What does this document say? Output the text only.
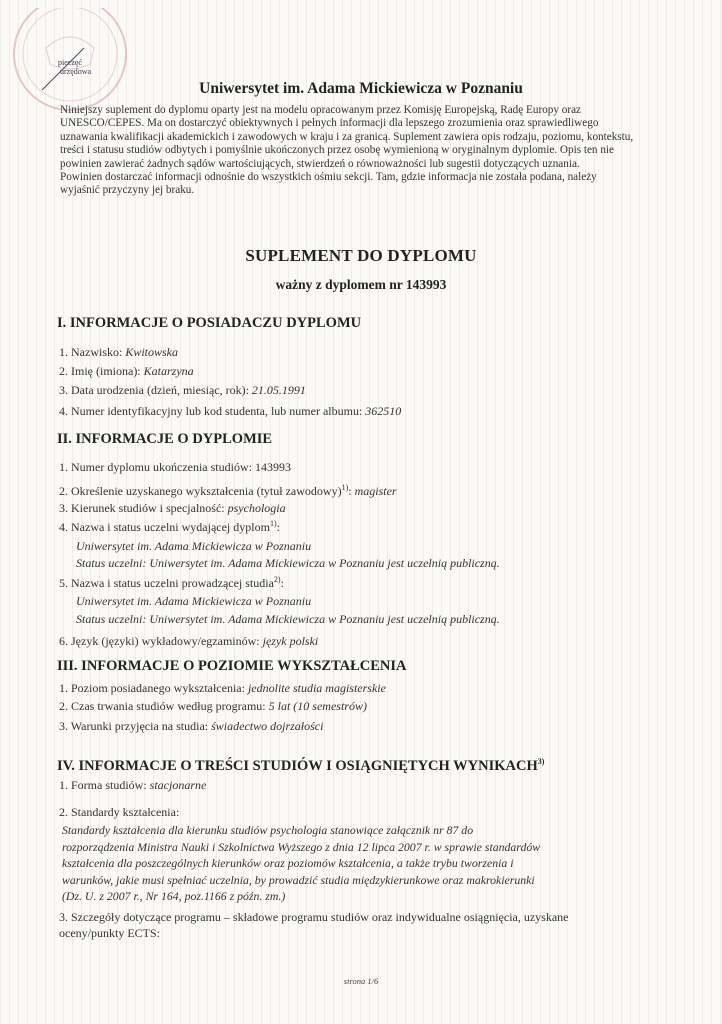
pieczęć
urzędowa
Uniwersytet im. Adama Mickiewicza w Poznaniu
Niniejszy suplement do dyplomu oparty jest na modelu opracowanym przez Komisję Europejską, Radę Europy oraz
UNESCO/CEPES. Ma on dostarczyć obiektywnych i pełnych informacji dla lepszego zrozumienia oraz sprawiedliwego
uznawania kwalifikacji akademickich i zawodowych w kraju i za granicą. Suplement zawiera opis rodzaju, poziomu, kontekstu,
treści i statusu studiów odbytych i pomyślnie ukończonych przez osobę wymienioną w oryginalnym dyplomie. Opis ten nie
powinien zawierać żadnych sądów wartościujących, stwierdzeń o równoważności lub sugestii dotyczących uznania.
Powinien dostarczać informacji odnośnie do wszystkich ośmiu sekcji. Tam, gdzie informacja nie została podana, należy
wyjaśnić przyczyny jej braku.
SUPLEMENT DO DYPLOMU
ważny z dyplomem nr 143993
I. INFORMACJE O POSIADACZU DYPLOMU
1. Nazwisko: Kwitowska
2. Imię (imiona): Katarzyna
3. Data urodzenia (dzień, miesiąc, rok): 21.05.1991
4. Numer identyfikacyjny lub kod studenta, lub numer albumu: 362510
II. INFORMACJE O DYPLOMIE
1. Numer dyplomu ukończenia studiów: 143993
2. Określenie uzyskanego wykształcenia (tytuł zawodowy)$^{1)}$: magister
3. Kierunek studiów i specjalność: psychologia
4. Nazwa i status uczelni wydającej dyplom$^{1)}$:
Uniwersytet im. Adama Mickiewicza w Poznaniu
Status uczelni: Uniwersytet im. Adama Mickiewicza w Poznaniu jest uczelnią publiczną.
5. Nazwa i status uczelni prowadzącej studia$^{2)}$:
Uniwersytet im. Adama Mickiewicza w Poznaniu
Status uczelni: Uniwersytet im. Adama Mickiewicza w Poznaniu jest uczelnią publiczną.
6. Język (języki) wykładowy/egzaminów: język polski
III. INFORMACJE O POZIOMIE WYKSZTAŁCENIA
1. Poziom posiadanego wykształcenia: jednolite studia magisterskie
2. Czas trwania studiów według programu: 5 lat (10 semestrów)
3. Warunki przyjęcia na studia: świadectwo dojrzałości
IV. INFORMACJE O TREŚCI STUDIÓW I OSIĄGNIĘTYCH WYNIKACH$^{3)}$
1. Forma studiów: stacjonarne
2. Standardy kształcenia:
Standardy kształcenia dla kierunku studiów psychologia stanowiące załącznik nr 87 do
rozporządzenia Ministra Nauki i Szkolnictwa Wyższego z dnia 12 lipca 2007 r. w sprawie standardów
kształcenia dla poszczególnych kierunków oraz poziomów kształcenia, a także trybu tworzenia i
warunków, jakie musi spełniać uczelnia, by prowadzić studia międzykierunkowe oraz makrokierunki
(Dz. U. z 2007 r., Nr 164, poz.1166 z późn. zm.)
3. Szczegóły dotyczące programu – składowe programu studiów oraz indywidualne osiągnięcia, uzyskane
oceny/punkty ECTS:
strona 1/6
